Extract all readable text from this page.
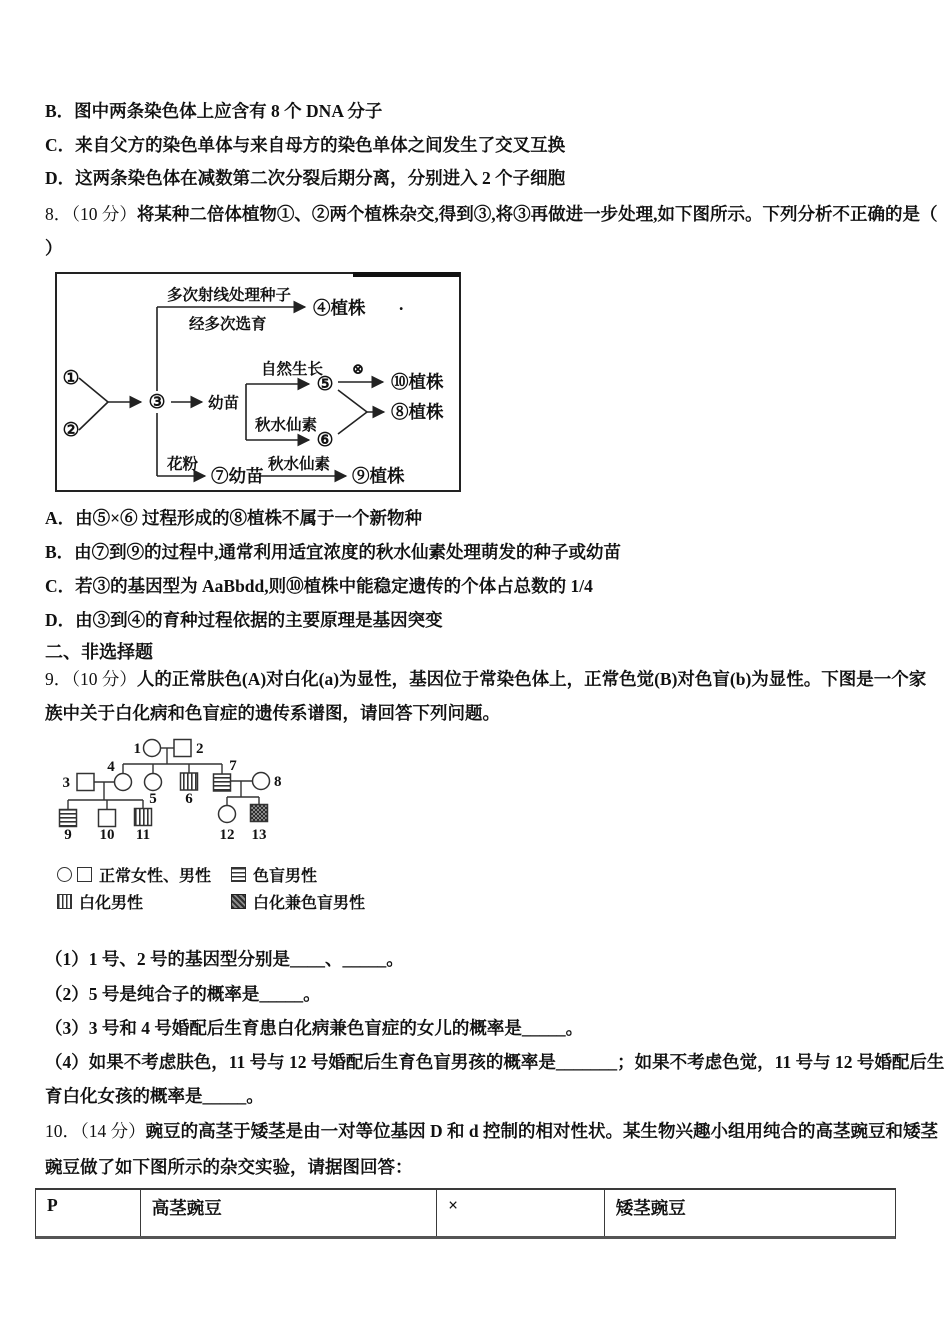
B．图中两条染色体上应含有 8 个 DNA 分子
C．来自父方的染色单体与来自母方的染色单体之间发生了交叉互换
D．这两条染色体在减数第二次分裂后期分离，分别进入 2 个子细胞
8．（10 分）将某种二倍体植物①、②两个植株杂交,得到③,将③再做进一步处理,如下图所示。下列分析不正确的是（
）
①
②
③
多次射线处理种子
经多次选育
④植株 .
幼苗
自然生长
⑤
⊗
⑩植株
秋水仙素
⑥
⑧植株
花粉
⑦幼苗
秋水仙素
⑨植株
A．由⑤×⑥ 过程形成的⑧植株不属于一个新物种
B．由⑦到⑨的过程中,通常利用适宜浓度的秋水仙素处理萌发的种子或幼苗
C．若③的基因型为 AaBbdd,则⑩植株中能稳定遗传的个体占总数的 1/4
D．由③到④的育种过程依据的主要原理是基因突变
二、非选择题
9．（10 分）人的正常肤色(A)对白化(a)为显性，基因位于常染色体上，正常色觉(B)对色盲(b)为显性。下图是一个家
族中关于白化病和色盲症的遗传系谱图，请回答下列问题。
1	2
3
4
5 6
7
8
9 10 11	12 13
正常女性、男性	色盲男性
白化男性	白化兼色盲男性
（1）1 号、2 号的基因型分别是____、_____。
（2）5 号是纯合子的概率是_____。
（3）3 号和 4 号婚配后生育患白化病兼色盲症的女儿的概率是_____。
（4）如果不考虑肤色，11 号与 12 号婚配后生育色盲男孩的概率是_______；如果不考虑色觉，11 号与 12 号婚配后生
育白化女孩的概率是_____。
10．（14 分）豌豆的高茎于矮茎是由一对等位基因 D 和 d 控制的相对性状。某生物兴趣小组用纯合的高茎豌豆和矮茎
豌豆做了如下图所示的杂交实验，请据图回答：
P	高茎豌豆	×	矮茎豌豆
